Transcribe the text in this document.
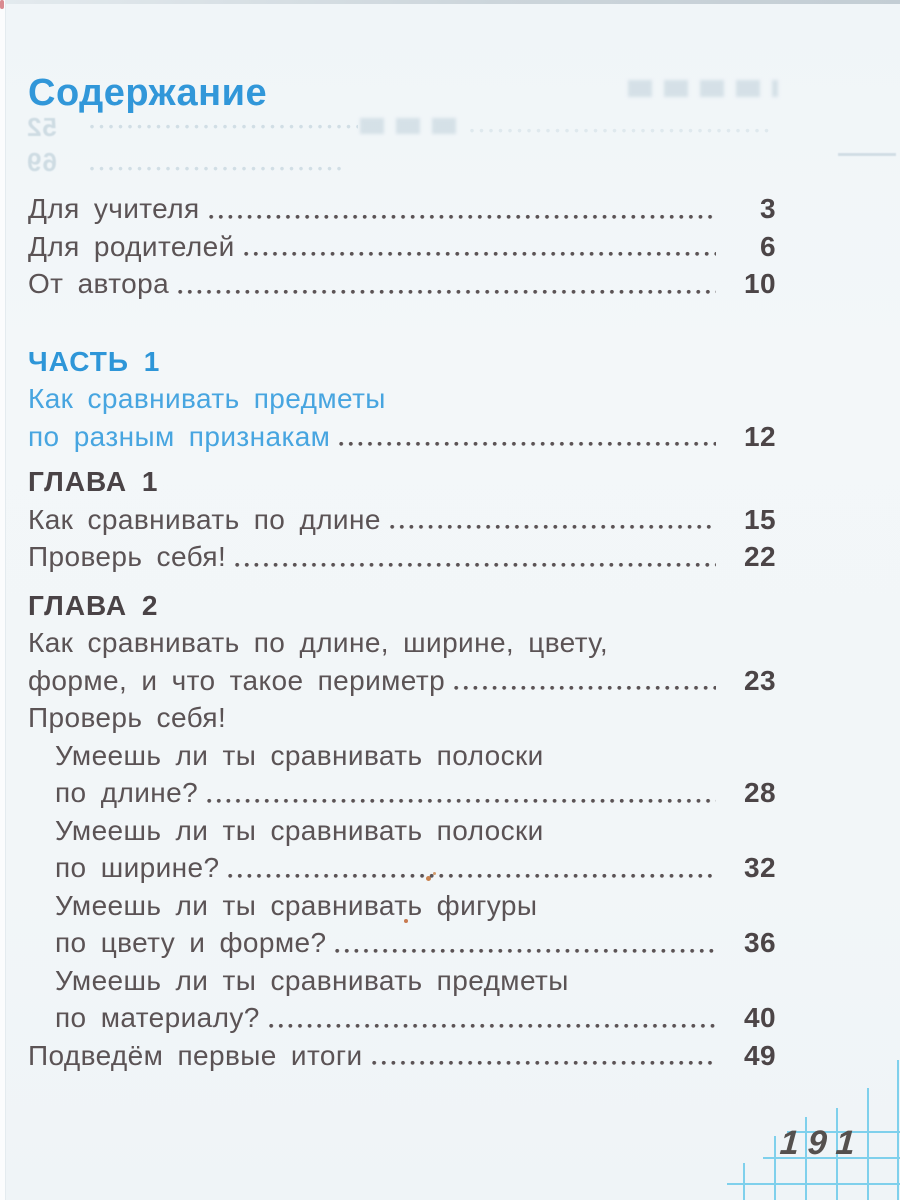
52
69
Содержание
Для учителя	3
Для родителей	6
От автора	10
ЧАСТЬ 1
Как сравнивать предметы
по разным признакам	12
ГЛАВА 1
Как сравнивать по длине	15
Проверь себя!	22
ГЛАВА 2
Как сравнивать по длине, ширине, цвету,
форме, и что такое периметр	23
Проверь себя!
Умеешь ли ты сравнивать полоски
по длине?	28
Умеешь ли ты сравнивать полоски
по ширине?	32
Умеешь ли ты сравнивать фигуры
по цвету и форме?	36
Умеешь ли ты сравнивать предметы
по материалу?	40
Подведём первые итоги	49
191
